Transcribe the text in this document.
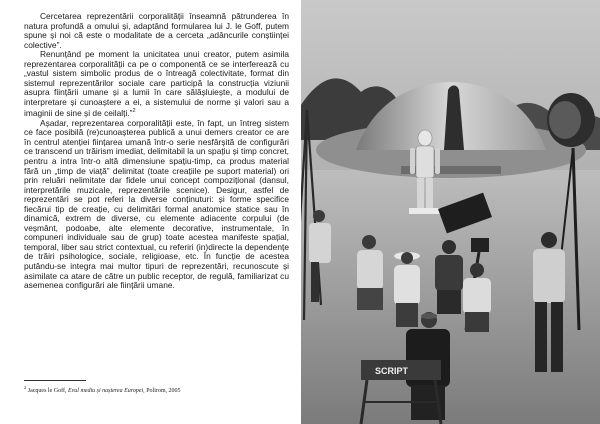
Cercetarea reprezentării corporalității înseamnă pătrunderea în natura profundă a omului și, adaptând formularea lui J. le Goff, putem spune și noi că este o modalitate de a cerceta „adâncurile conștiinței colective”.

Renunțând pe moment la unicitatea unui creator, putem asimila reprezentarea corporalității ca pe o componentă ce se interferează cu „vastul sistem simbolic produs de o întreagă colectivitate, format din sistemul reprezentărilor sociale care participă la construcția viziunii asupra ființării umane și a lumii în care sălășluiește, a modului de interpretare și cunoaștere a ei, a sistemului de norme și valori sau a imaginii de sine și de ceilalți.”$^2$

Așadar, reprezentarea corporalității este, în fapt, un întreg sistem ce face posibilă (re)cunoașterea publică a unui demers creator ce are în centrul atenției ființarea umană într-o serie nesfârșită de configurări ce transcend un trăirism imediat, delimitabil la un spațiu și timp concret, pentru a intra într-o altă dimensiune spațiu-timp, ca produs material fără un „timp de viață” delimitat (toate creațiile pe suport material) ori prin reluări nelimitate dar fidele unui concept compozițional (dansul, interpretările muzicale, reprezentările scenice). Desigur, astfel de reprezentări se pot referi la diverse conținuturi: și forme specifice fiecărui tip de creație, cu delimitări formal anatomice statice sau în dinamică, extrem de diverse, cu elemente adiacente corpului (de veșmânt, podoabe, alte elemente decorative, instrumentale, în compuneri individuale sau de grup) toate acestea manifeste spațial, temporal, liber sau strict contextual, cu referiri (in)directe la dependențe de trăiri psihologice, sociale, religioase, etc. În funcție de acestea putându-se integra mai multor tipuri de reprezentări, recunoscute și asimilate ca atare de către un public receptor, de regulă, familiarizat cu asemenea configurări ale ființării umane.

$^2$ Jacques le Goff, Evul mediu și nașterea Europei, Polirom, 2005
SCRIPT
